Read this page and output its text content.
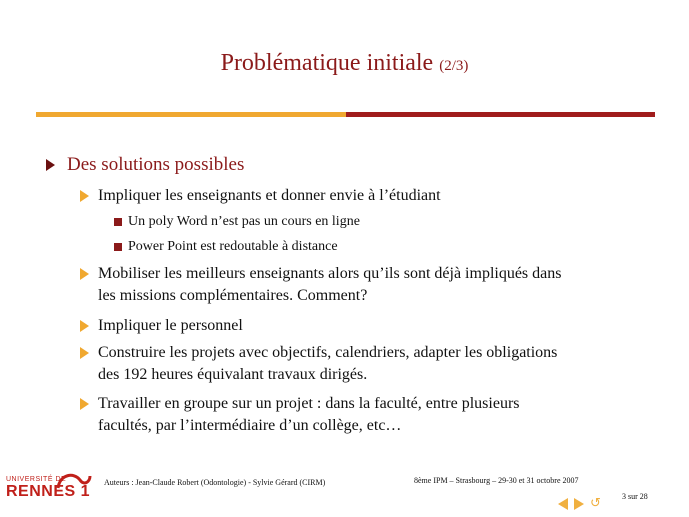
Problématique initiale (2/3)
Des solutions possibles
Impliquer les enseignants et donner envie à l’étudiant
Un poly Word n’est pas un cours en ligne
Power Point est redoutable à distance
Mobiliser les meilleurs enseignants alors qu’ils sont déjà impliqués dans
les missions complémentaires. Comment?
Impliquer le personnel
Construire les projets avec objectifs, calendriers, adapter les obligations
des 192 heures équivalant travaux dirigés.
Travailler en groupe sur un projet : dans la faculté, entre plusieurs
facultés, par l’intermédiaire d’un collège, etc…
UNIVERSITÉ DE
RENNES 1
Auteurs : Jean-Claude Robert (Odontologie) - Sylvie Gérard (CIRM)	8ème IPM – Strasbourg – 29-30 et 31 octobre 2007
3 sur 28
↺
